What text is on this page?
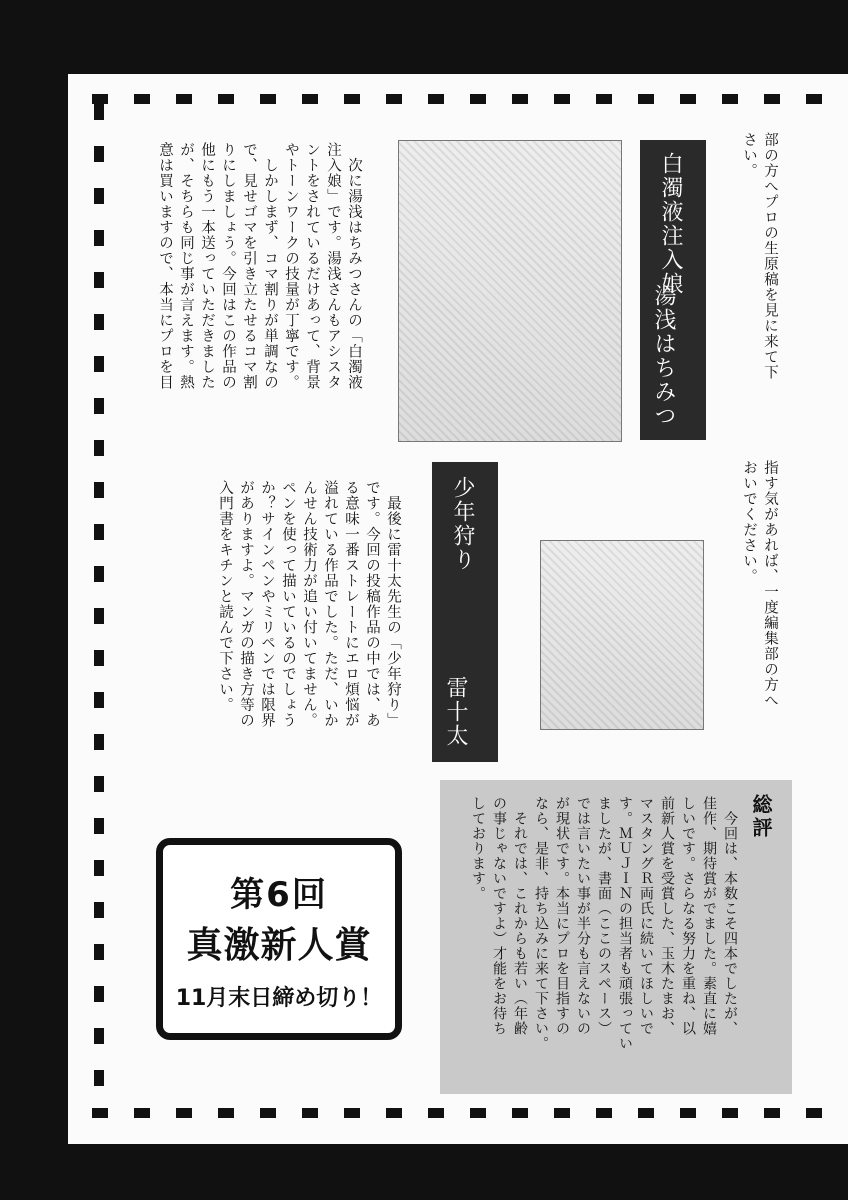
部の方へプロの生原稿を見に来て下
さい。
指す気があれば、一度編集部の方へ
おいでください。
白濁液注入娘
湯浅はちみつ
少年狩り
雷十太
　次に湯浅はちみつさんの「白濁液
注入娘」です。湯浅さんもアシスタ
ントをされているだけあって、背景
やトーンワークの技量が丁寧です。
　しかしまず、コマ割りが単調なの
で、見せゴマを引き立たせるコマ割
りにしましょう。今回はこの作品の
他にもう一本送っていただきました
が、そちらも同じ事が言えます。熱
意は買いますので、本当にプロを目
　最後に雷十太先生の「少年狩り」
です。今回の投稿作品の中では、あ
る意味一番ストレートにエロ煩悩が
溢れている作品でした。ただ、いか
んせん技術力が追い付いてません。
ペンを使って描いているのでしょう
か？サインペンやミリペンでは限界
がありますよ。マンガの描き方等の
入門書をキチンと読んで下さい。
総評
　今回は、本数こそ四本でしたが、
佳作、期待賞がでました。素直に嬉
しいです。さらなる努力を重ね、以
前新人賞を受賞した、玉木たまお、
マスタングＲ両氏に続いてほしいで
す。ＭＵＪＩＮの担当者も頑張ってい
ましたが、書面（ここのスペース）
では言いたい事が半分も言えないの
が現状です。本当にプロを目指すの
なら、是非、持ち込みに来て下さい。
　それでは、これからも若い（年齢
の事じゃないですよ）才能をお待ち
しております。
第6回
真激新人賞
11月末日締め切り！
